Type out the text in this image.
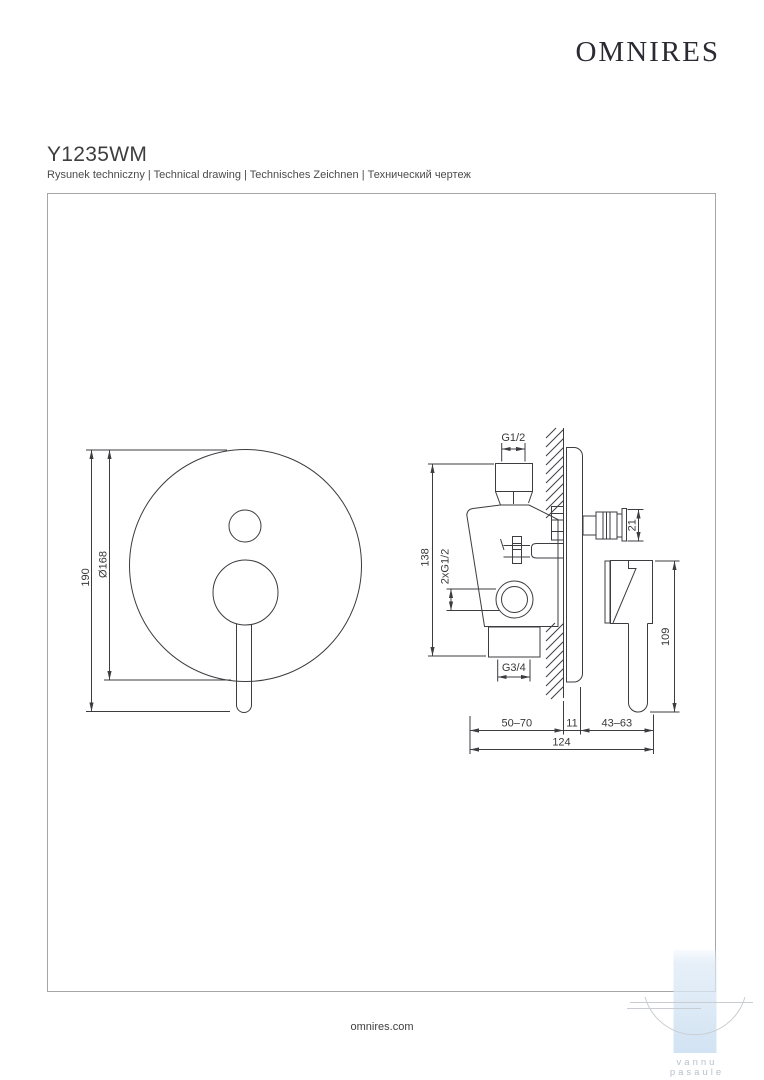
OMNIRES
Y1235WM
Rysunek techniczny | Technical drawing | Technisches Zeichnen | Технический чертеж
190 Ø168
G1/2
138 2xG1/2
G3/4
21
109
50–70	11 43–63
124
vannu
pasaule
omnires.com
